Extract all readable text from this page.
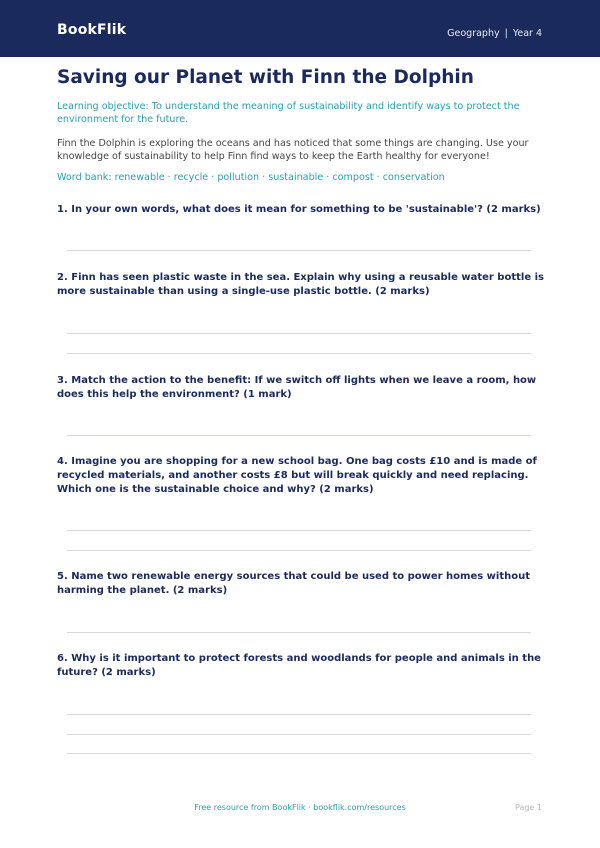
BookFlik	Geography | Year 4
Saving our Planet with Finn the Dolphin
Learning objective: To understand the meaning of sustainability and identify ways to protect the environment for the future.
Finn the Dolphin is exploring the oceans and has noticed that some things are changing. Use your knowledge of sustainability to help Finn find ways to keep the Earth healthy for everyone!
Word bank: renewable · recycle · pollution · sustainable · compost · conservation
1. In your own words, what does it mean for something to be 'sustainable'? (2 marks)
2. Finn has seen plastic waste in the sea. Explain why using a reusable water bottle is more sustainable than using a single-use plastic bottle. (2 marks)
3. Match the action to the benefit: If we switch off lights when we leave a room, how does this help the environment? (1 mark)
4. Imagine you are shopping for a new school bag. One bag costs £10 and is made of recycled materials, and another costs £8 but will break quickly and need replacing. Which one is the sustainable choice and why? (2 marks)
5. Name two renewable energy sources that could be used to power homes without harming the planet. (2 marks)
6. Why is it important to protect forests and woodlands for people and animals in the future? (2 marks)
Free resource from BookFlik · bookflik.com/resources	Page 1
